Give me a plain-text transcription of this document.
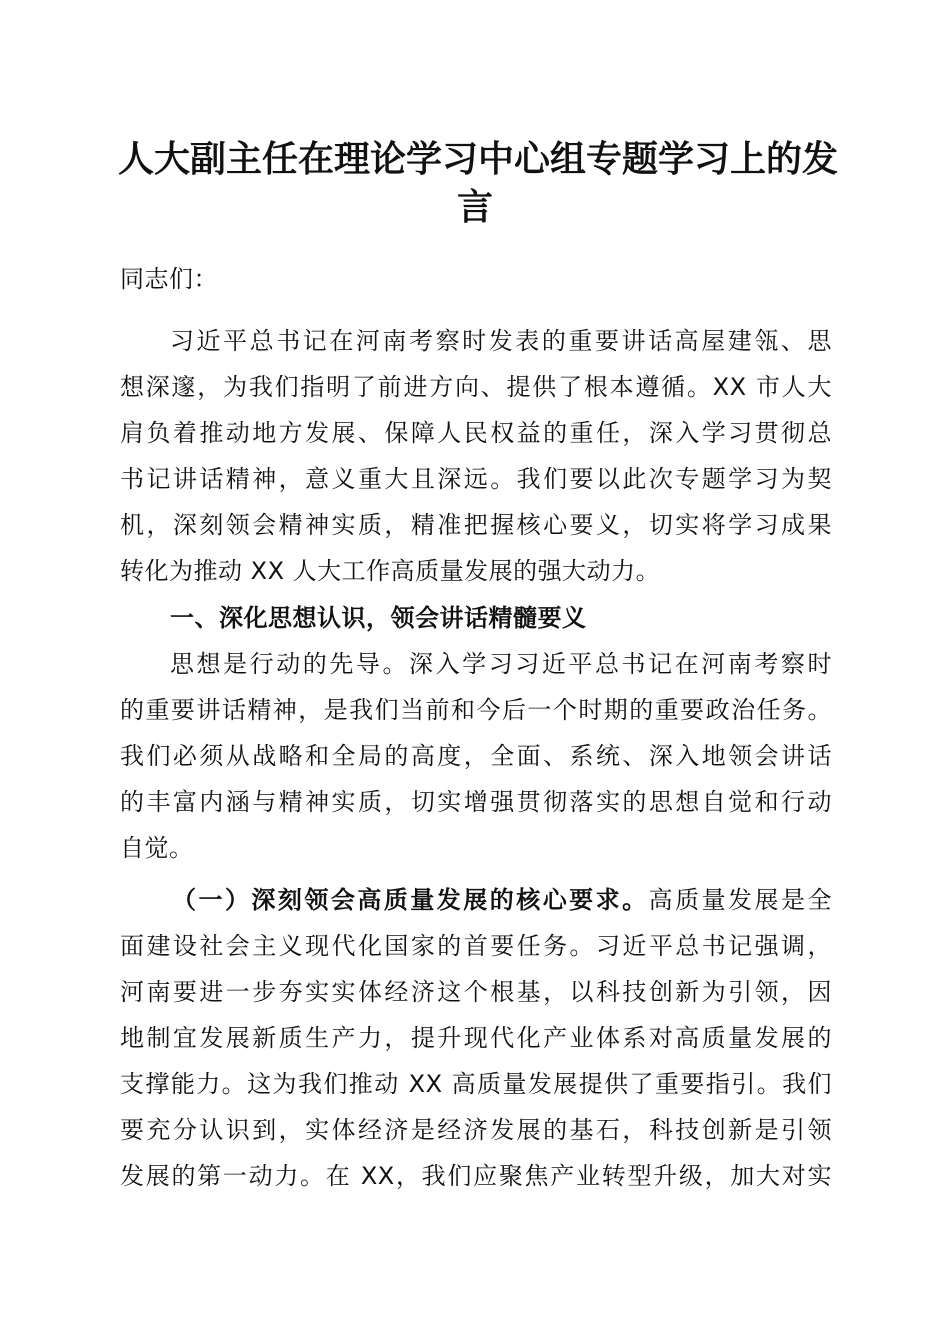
人大副主任在理论学习中心组专题学习上的发
言
同志们：
习近平总书记在河南考察时发表的重要讲话高屋建瓴、思
想深邃，为我们指明了前进方向、提供了根本遵循。XX 市人大
肩负着推动地方发展、保障人民权益的重任，深入学习贯彻总
书记讲话精神，意义重大且深远。我们要以此次专题学习为契
机，深刻领会精神实质，精准把握核心要义，切实将学习成果
转化为推动 XX 人大工作高质量发展的强大动力。
一、深化思想认识，领会讲话精髓要义
思想是行动的先导。深入学习习近平总书记在河南考察时
的重要讲话精神，是我们当前和今后一个时期的重要政治任务。
我们必须从战略和全局的高度，全面、系统、深入地领会讲话
的丰富内涵与精神实质，切实增强贯彻落实的思想自觉和行动
自觉。
（一）深刻领会高质量发展的核心要求。高质量发展是全
面建设社会主义现代化国家的首要任务。习近平总书记强调，
河南要进一步夯实实体经济这个根基，以科技创新为引领，因
地制宜发展新质生产力，提升现代化产业体系对高质量发展的
支撑能力。这为我们推动 XX 高质量发展提供了重要指引。我们
要充分认识到，实体经济是经济发展的基石，科技创新是引领
发展的第一动力。在 XX，我们应聚焦产业转型升级，加大对实
